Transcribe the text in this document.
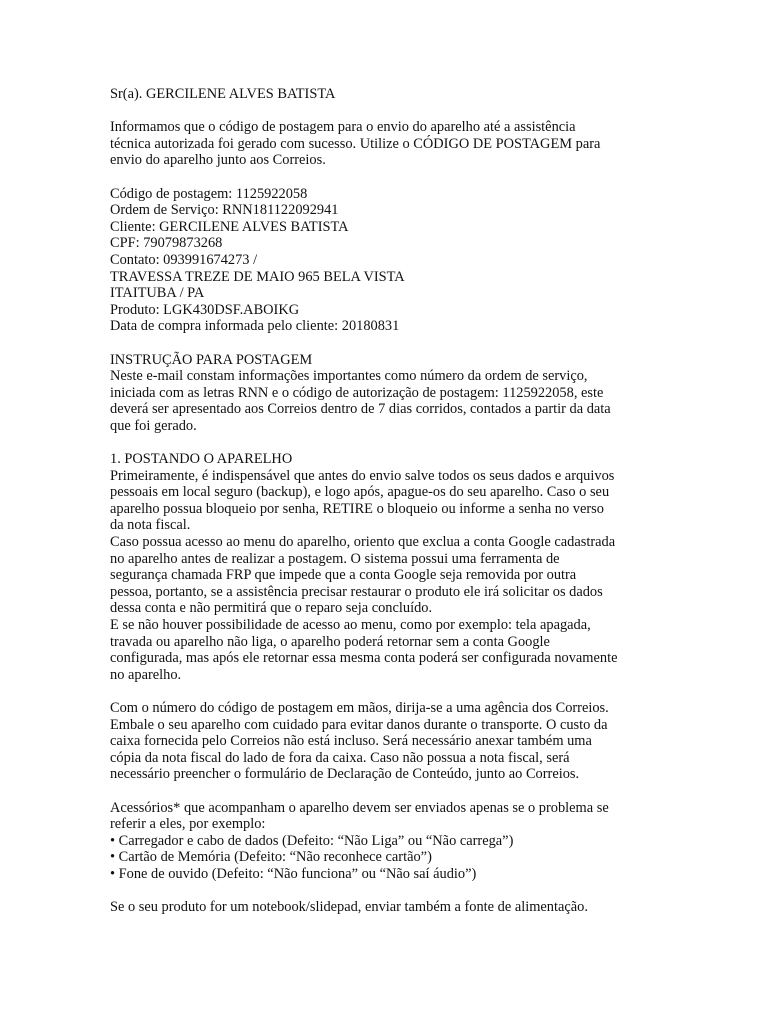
Sr(a). GERCILENE ALVES BATISTA

Informamos que o código de postagem para o envio do aparelho até a assistência

técnica autorizada foi gerado com sucesso. Utilize o CÓDIGO DE POSTAGEM para

envio do aparelho junto aos Correios.

Código de postagem: 1125922058

Ordem de Serviço: RNN181122092941

Cliente: GERCILENE ALVES BATISTA

CPF: 79079873268

Contato: 093991674273 /

TRAVESSA TREZE DE MAIO 965 BELA VISTA

ITAITUBA / PA

Produto: LGK430DSF.ABOIKG

Data de compra informada pelo cliente: 20180831

INSTRUÇÃO PARA POSTAGEM

Neste e-mail constam informações importantes como número da ordem de serviço,

iniciada com as letras RNN e o código de autorização de postagem: 1125922058, este

deverá ser apresentado aos Correios dentro de 7 dias corridos, contados a partir da data

que foi gerado.

1. POSTANDO O APARELHO

Primeiramente, é indispensável que antes do envio salve todos os seus dados e arquivos

pessoais em local seguro (backup), e logo após, apague-os do seu aparelho. Caso o seu

aparelho possua bloqueio por senha, RETIRE o bloqueio ou informe a senha no verso

da nota fiscal.

Caso possua acesso ao menu do aparelho, oriento que exclua a conta Google cadastrada

no aparelho antes de realizar a postagem. O sistema possui uma ferramenta de

segurança chamada FRP que impede que a conta Google seja removida por outra

pessoa, portanto, se a assistência precisar restaurar o produto ele irá solicitar os dados

dessa conta e não permitirá que o reparo seja concluído.

E se não houver possibilidade de acesso ao menu, como por exemplo: tela apagada,

travada ou aparelho não liga, o aparelho poderá retornar sem a conta Google

configurada, mas após ele retornar essa mesma conta poderá ser configurada novamente

no aparelho.

Com o número do código de postagem em mãos, dirija-se a uma agência dos Correios.

Embale o seu aparelho com cuidado para evitar danos durante o transporte. O custo da

caixa fornecida pelo Correios não está incluso. Será necessário anexar também uma

cópia da nota fiscal do lado de fora da caixa. Caso não possua a nota fiscal, será

necessário preencher o formulário de Declaração de Conteúdo, junto ao Correios.

Acessórios* que acompanham o aparelho devem ser enviados apenas se o problema se

referir a eles, por exemplo:

• Carregador e cabo de dados (Defeito: “Não Liga” ou “Não carrega”)

• Cartão de Memória (Defeito: “Não reconhece cartão”)

• Fone de ouvido (Defeito: “Não funciona” ou “Não saí áudio”)

Se o seu produto for um notebook/slidepad, enviar também a fonte de alimentação.
